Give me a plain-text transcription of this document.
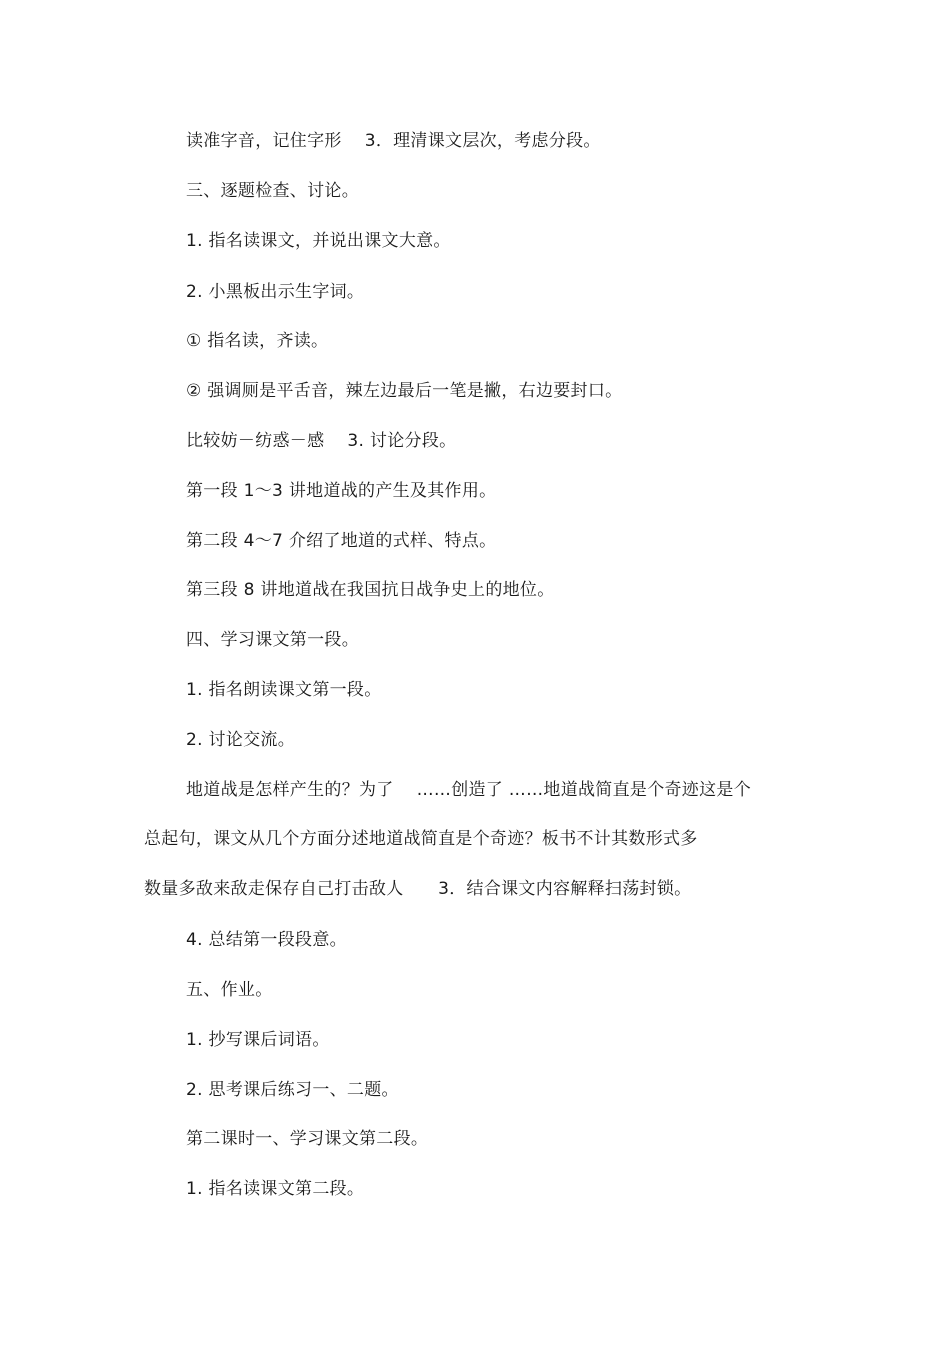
读准字音，记住字形　 3．理清课文层次，考虑分段。
三、逐题检查、讨论。
1. 指名读课文，并说出课文大意。
2. 小黑板出示生字词。
① 指名读，齐读。
② 强调厕是平舌音，辣左边最后一笔是撇，右边要封口。
比较妨－纺惑－感　 3. 讨论分段。
第一段 1～3 讲地道战的产生及其作用。
第二段 4～7 介绍了地道的式样、特点。
第三段 8 讲地道战在我国抗日战争史上的地位。
四、学习课文第一段。
1. 指名朗读课文第一段。
2. 讨论交流。
地道战是怎样产生的？为了　 ……创造了 ……地道战简直是个奇迹这是个
总起句，课文从几个方面分述地道战简直是个奇迹？板书不计其数形式多
数量多敌来敌走保存自己打击敌人　　3．结合课文内容解释扫荡封锁。
4. 总结第一段段意。
五、作业。
1. 抄写课后词语。
2. 思考课后练习一、二题。
第二课时一、学习课文第二段。
1. 指名读课文第二段。
